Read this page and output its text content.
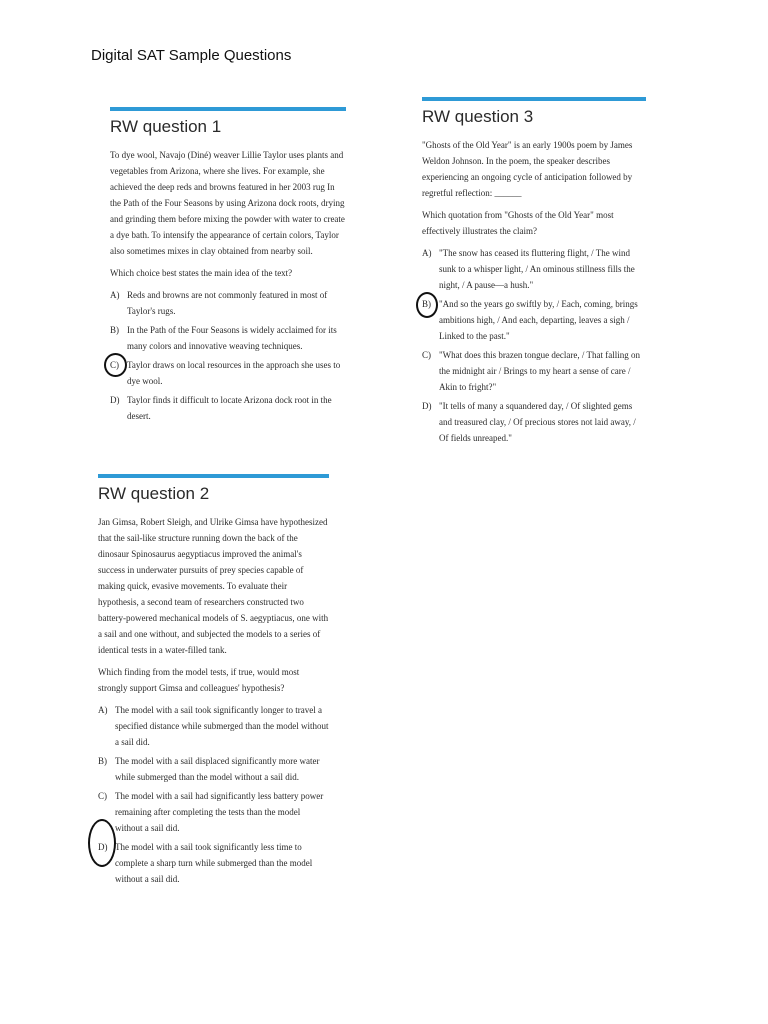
Digital SAT Sample Questions
RW question 1

To dye wool, Navajo (Diné) weaver Lillie Taylor uses plants and vegetables from Arizona, where she lives. For example, she achieved the deep reds and browns featured in her 2003 rug In the Path of the Four Seasons by using Arizona dock roots, drying and grinding them before mixing the powder with water to create a dye bath. To intensify the appearance of certain colors, Taylor also sometimes mixes in clay obtained from nearby soil.

Which choice best states the main idea of the text?

A) Reds and browns are not commonly featured in most of Taylor's rugs.
B) In the Path of the Four Seasons is widely acclaimed for its many colors and innovative weaving techniques.
C) Taylor draws on local resources in the approach she uses to dye wool.
D) Taylor finds it difficult to locate Arizona dock root in the desert.
RW question 3

"Ghosts of the Old Year" is an early 1900s poem by James Weldon Johnson. In the poem, the speaker describes experiencing an ongoing cycle of anticipation followed by regretful reflection: ______

Which quotation from "Ghosts of the Old Year" most effectively illustrates the claim?

A) "The snow has ceased its fluttering flight, / The wind sunk to a whisper light, / An ominous stillness fills the night, / A pause—a hush."
B) "And so the years go swiftly by, / Each, coming, brings ambitions high, / And each, departing, leaves a sigh / Linked to the past."
C) "What does this brazen tongue declare, / That falling on the midnight air / Brings to my heart a sense of care / Akin to fright?"
D) "It tells of many a squandered day, / Of slighted gems and treasured clay, / Of precious stores not laid away, / Of fields unreaped."
RW question 2

Jan Gimsa, Robert Sleigh, and Ulrike Gimsa have hypothesized that the sail-like structure running down the back of the dinosaur Spinosaurus aegyptiacus improved the animal's success in underwater pursuits of prey species capable of making quick, evasive movements. To evaluate their hypothesis, a second team of researchers constructed two battery-powered mechanical models of S. aegyptiacus, one with a sail and one without, and subjected the models to a series of identical tests in a water-filled tank.

Which finding from the model tests, if true, would most strongly support Gimsa and colleagues' hypothesis?

A) The model with a sail took significantly longer to travel a specified distance while submerged than the model without a sail did.
B) The model with a sail displaced significantly more water while submerged than the model without a sail did.
C) The model with a sail had significantly less battery power remaining after completing the tests than the model without a sail did.
D) The model with a sail took significantly less time to complete a sharp turn while submerged than the model without a sail did.
